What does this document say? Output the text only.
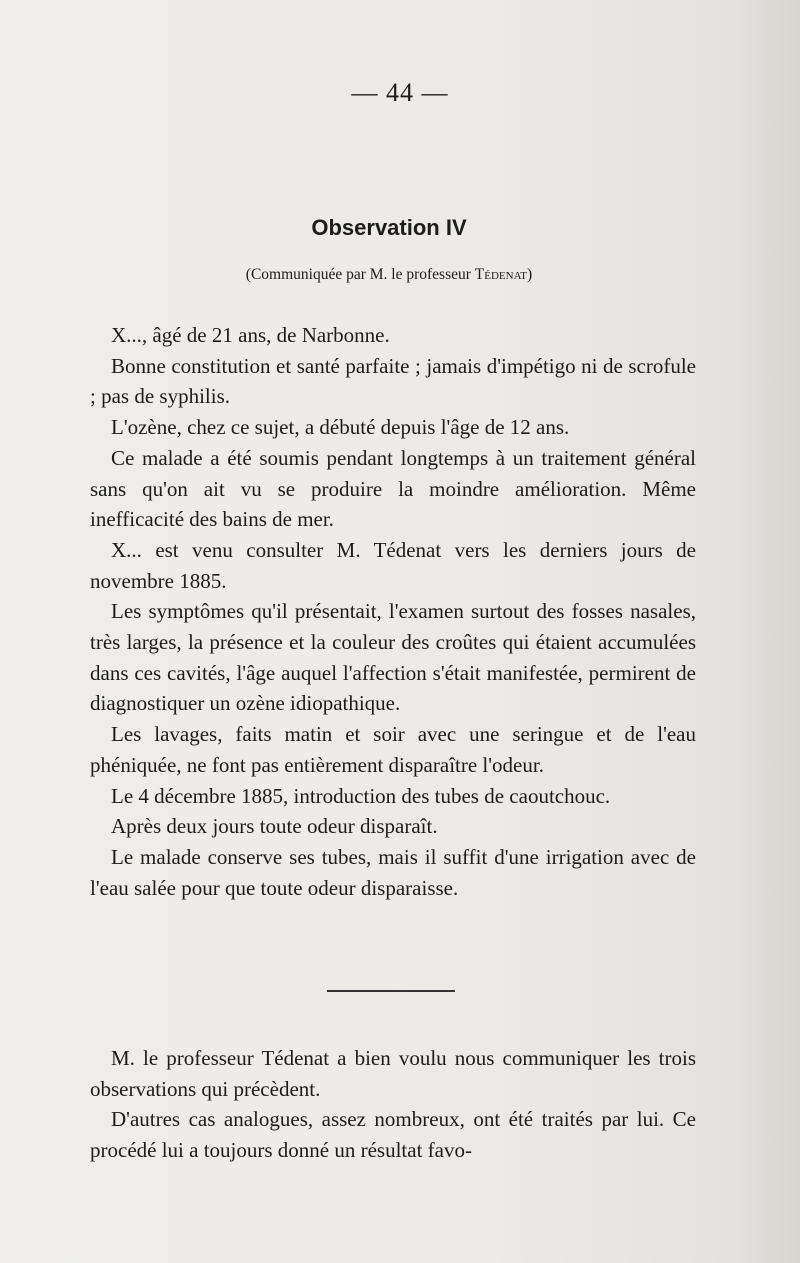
— 44 —
Observation IV
(Communiquée par M. le professeur Tédenat)

X..., âgé de 21 ans, de Narbonne.

Bonne constitution et santé parfaite ; jamais d'impétigo ni de scrofule ; pas de syphilis.

L'ozène, chez ce sujet, a débuté depuis l'âge de 12 ans.

Ce malade a été soumis pendant longtemps à un traitement général sans qu'on ait vu se produire la moindre amélioration. Même inefficacité des bains de mer.

X... est venu consulter M. Tédenat vers les derniers jours de novembre 1885.

Les symptômes qu'il présentait, l'examen surtout des fosses nasales, très larges, la présence et la couleur des croûtes qui étaient accumulées dans ces cavités, l'âge auquel l'affection s'était manifestée, permirent de diagnostiquer un ozène idiopathique.

Les lavages, faits matin et soir avec une seringue et de l'eau phéniquée, ne font pas entièrement disparaître l'odeur.

Le 4 décembre 1885, introduction des tubes de caoutchouc.

Après deux jours toute odeur disparaît.

Le malade conserve ses tubes, mais il suffit d'une irrigation avec de l'eau salée pour que toute odeur disparaisse.

M. le professeur Tédenat a bien voulu nous communiquer les trois observations qui précèdent.

D'autres cas analogues, assez nombreux, ont été traités par lui. Ce procédé lui a toujours donné un résultat favo-
